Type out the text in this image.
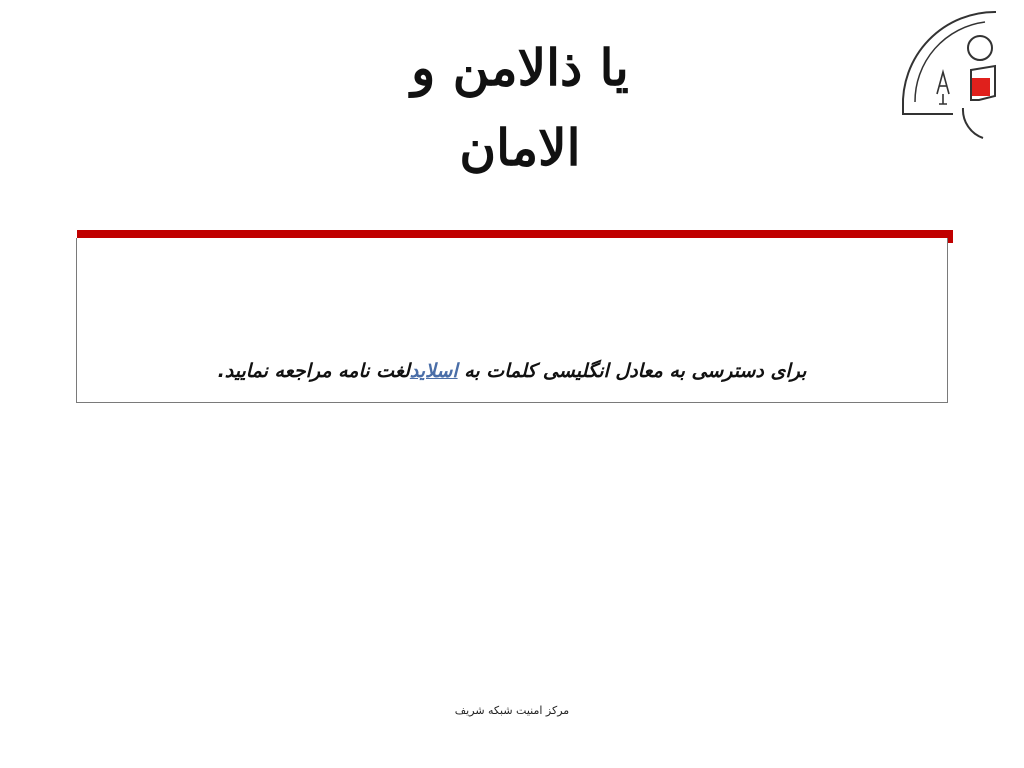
یا ذالامن و الامان
برای دسترسی به معادل انگلیسی کلمات به اسلایدلغت نامه مراجعه نمایید.
مرکز امنیت شبکه شریف
